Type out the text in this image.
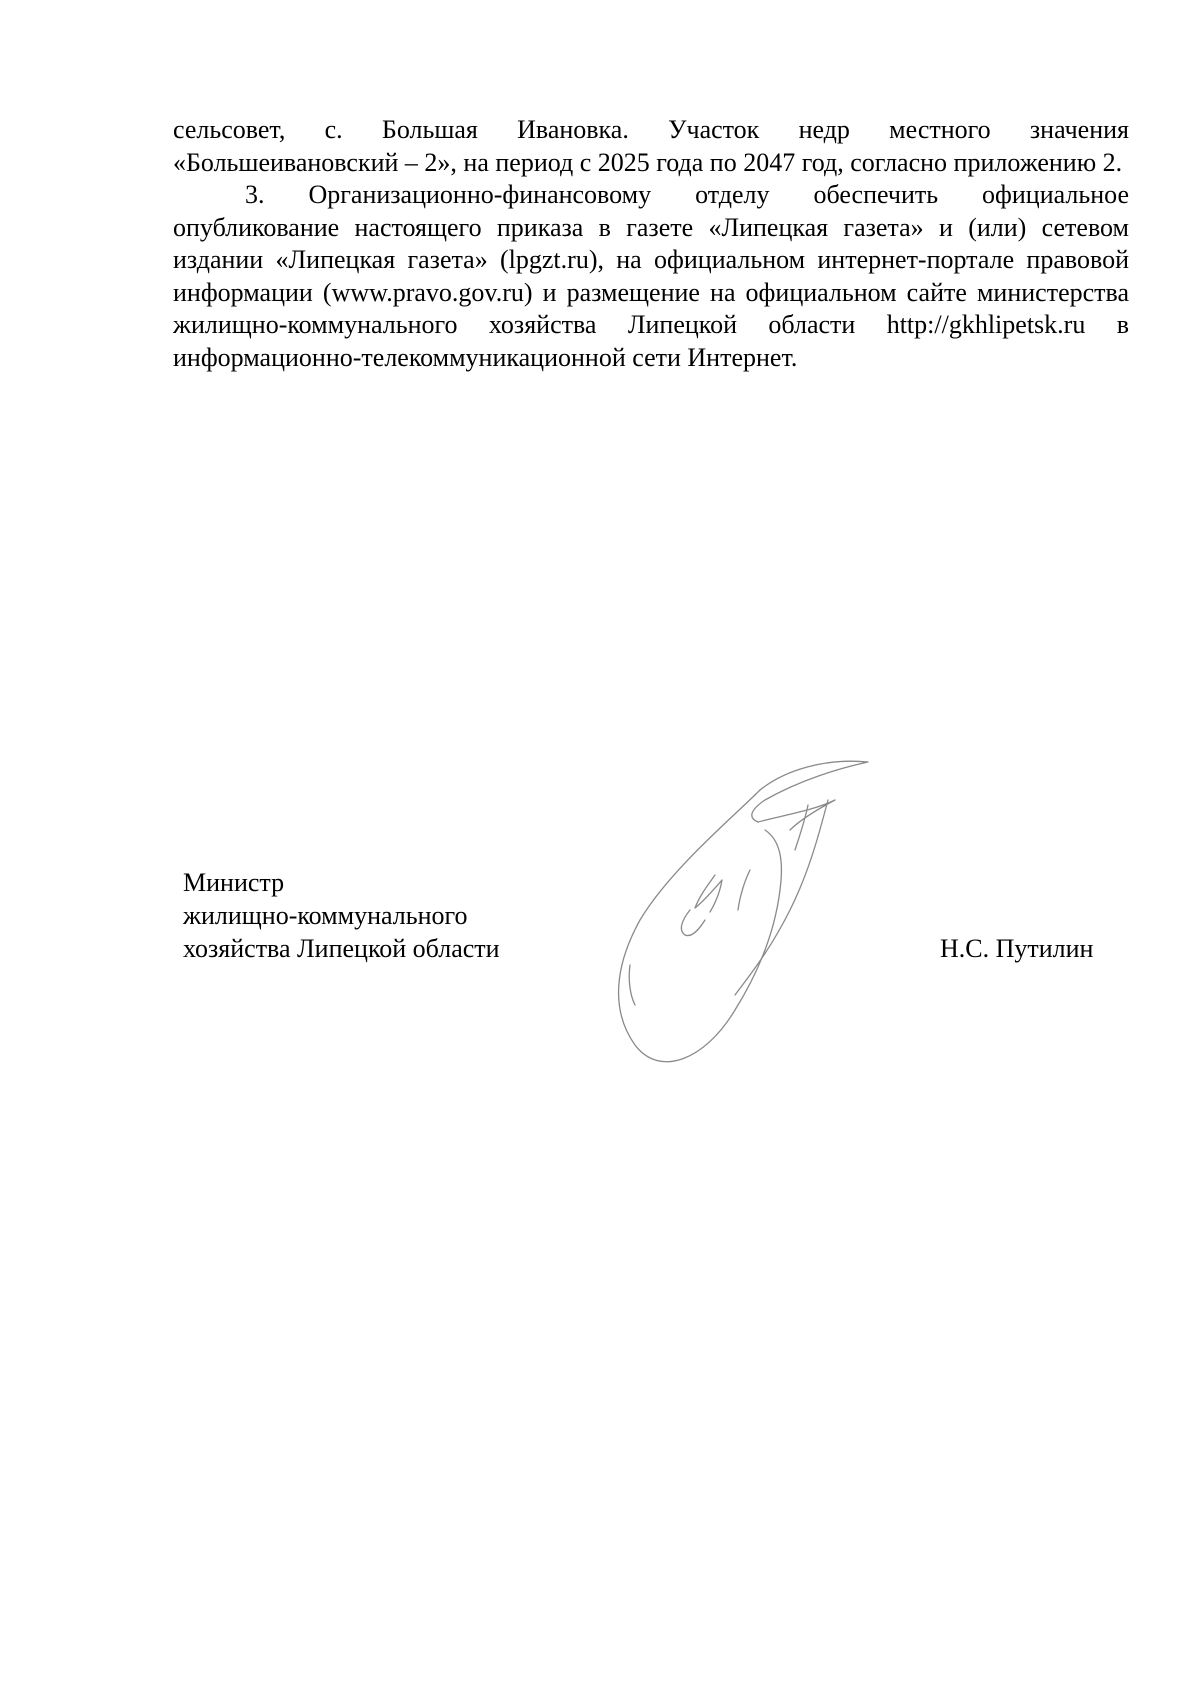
сельсовет, с. Большая Ивановка. Участок недр местного значения «Большеивановский – 2», на период с 2025 года по 2047 год, согласно приложению 2.

3. Организационно-финансовому отделу обеспечить официальное опубликование настоящего приказа в газете «Липецкая газета» и (или) сетевом издании «Липецкая газета» (lpgzt.ru), на официальном интернет-портале правовой информации (www.pravo.gov.ru) и размещение на официальном сайте министерства жилищно-коммунального хозяйства Липецкой области http://gkhlipetsk.ru в информационно-телекоммуникационной сети Интернет.

Министр
жилищно-коммунального
хозяйства Липецкой области	Н.С. Путилин
